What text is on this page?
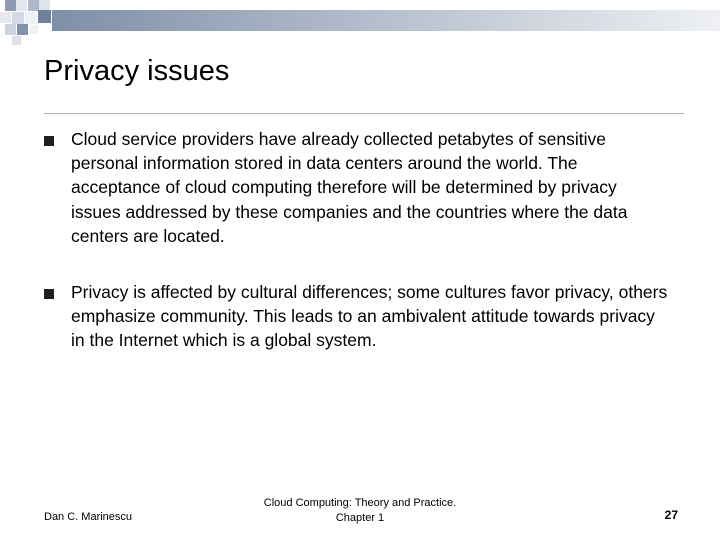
Privacy issues

Cloud service providers have already collected petabytes of sensitive personal information stored in data centers around the world. The acceptance of cloud computing therefore will be determined by privacy issues addressed by these companies and the countries where the data centers are located.

Privacy is affected by cultural differences; some cultures favor privacy, others emphasize community. This leads to an ambivalent attitude towards privacy in the Internet which is a global system.

Dan C. Marinescu
Cloud Computing: Theory and Practice.
Chapter 1	27
